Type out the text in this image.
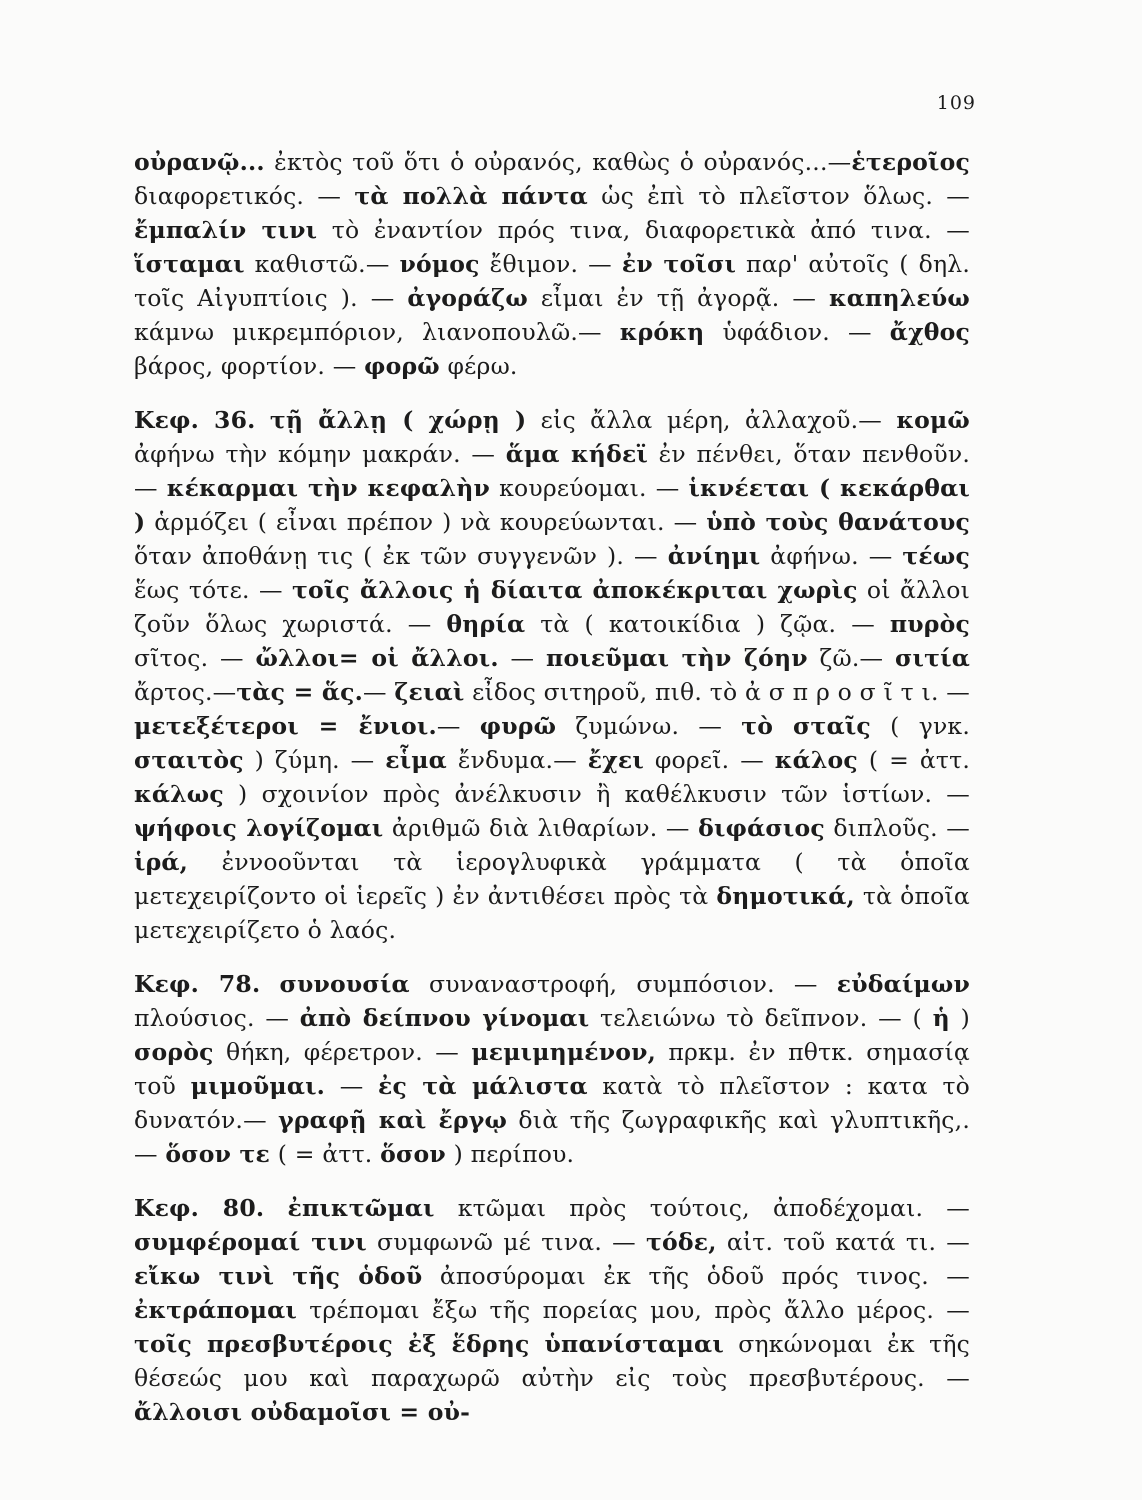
109

οὐρανῷ... ἐκτὸς τοῦ ὅτι ὁ οὐρανός, καθὼς ὁ οὐρανός...—ἑτεροῖος διαφορετικός. — τὰ πολλὰ πάντα ὡς ἐπὶ τὸ πλεῖστον ὅλως. — ἔμπαλίν τινι τὸ ἐναντίον πρός τινα, διαφορετικὰ ἀπό τινα. — ἵσταμαι καθιστῶ.— νόμος ἔθιμον. — ἐν τοῖσι παρ' αὐτοῖς ( δηλ. τοῖς Αἰγυπτίοις ). — ἀγοράζω εἶμαι ἐν τῇ ἀγορᾷ. — καπηλεύω κάμνω μικρεμπόριον, λιανοπουλῶ.— κρόκη ὑφάδιον. — ἄχθος βάρος, φορτίον. — φορῶ φέρω.

Κεφ. 36. τῇ ἄλλῃ ( χώρῃ ) εἰς ἄλλα μέρη, ἀλλαχοῦ.— κομῶ ἀφήνω τὴν κόμην μακράν. — ἅμα κήδεϊ ἐν πένθει, ὅταν πενθοῦν. — κέκαρμαι τὴν κεφαλὴν κουρεύομαι. — ἱκνέεται ( κεκάρθαι ) ἁρμόζει ( εἶναι πρέπον ) νὰ κουρεύωνται. — ὑπὸ τοὺς θανάτους ὅταν ἀποθάνῃ τις ( ἐκ τῶν συγγενῶν ). — ἀνίημι ἀφήνω. — τέως ἕως τότε. — τοῖς ἄλλοις ἡ δίαιτα ἀποκέκριται χωρὶς οἱ ἄλλοι ζοῦν ὅλως χωριστά. — θηρία τὰ ( κατοικίδια ) ζῷα. — πυρὸς σῖτος. — ὤλλοι= οἱ ἄλλοι. — ποιεῦμαι τὴν ζόην ζῶ.— σιτία ἄρτος.—τὰς = ἅς.— ζειαὶ εἶδος σιτηροῦ, πιθ. τὸ ἀ σ π ρ ο σ ῖ τ ι. — μετεξέτεροι = ἔνιοι.— φυρῶ ζυμώνω. — τὸ σταῖς ( γνκ. σταιτὸς ) ζύμη. — εἷμα ἔνδυμα.— ἔχει φορεῖ. — κάλος ( = ἀττ. κάλως ) σχοινίον πρὸς ἀνέλκυσιν ἢ καθέλκυσιν τῶν ἱστίων. — ψήφοις λογίζομαι ἀριθμῶ διὰ λιθαρίων. — διφάσιος διπλοῦς. — ἱρά, ἐννοοῦνται τὰ ἱερογλυφικὰ γράμματα ( τὰ ὁποῖα μετεχειρίζοντο οἱ ἱερεῖς ) ἐν ἀντιθέσει πρὸς τὰ δημοτικά, τὰ ὁποῖα μετεχειρίζετο ὁ λαός.

Κεφ. 78. συνουσία συναναστροφή, συμπόσιον. — εὐδαίμων πλούσιος. — ἀπὸ δείπνου γίνομαι τελειώνω τὸ δεῖπνον. — ( ἡ ) σορὸς θήκη, φέρετρον. — μεμιμημένον, πρκμ. ἐν πθτκ. σημασίᾳ τοῦ μιμοῦμαι. — ἐς τὰ μάλιστα κατὰ τὸ πλεῖστον : κατα τὸ δυνατόν.— γραφῇ καὶ ἔργῳ διὰ τῆς ζωγραφικῆς καὶ γλυπτικῆς,. — ὅσον τε ( = ἀττ. ὅσον ) περίπου.

Κεφ. 80. ἐπικτῶμαι κτῶμαι πρὸς τούτοις, ἀποδέχομαι. — συμφέρομαί τινι συμφωνῶ μέ τινα. — τόδε, αἰτ. τοῦ κατά τι. — εἴκω τινὶ τῆς ὁδοῦ ἀποσύρομαι ἐκ τῆς ὁδοῦ πρός τινος. — ἐκτράπομαι τρέπομαι ἔξω τῆς πορείας μου, πρὸς ἄλλο μέρος. — τοῖς πρεσβυτέροις ἐξ ἕδρης ὑπανίσταμαι σηκώνομαι ἐκ τῆς θέσεώς μου καὶ παραχωρῶ αὐτὴν εἰς τοὺς πρεσβυτέρους. — ἄλλοισι οὐδαμοῖσι = οὐ-
